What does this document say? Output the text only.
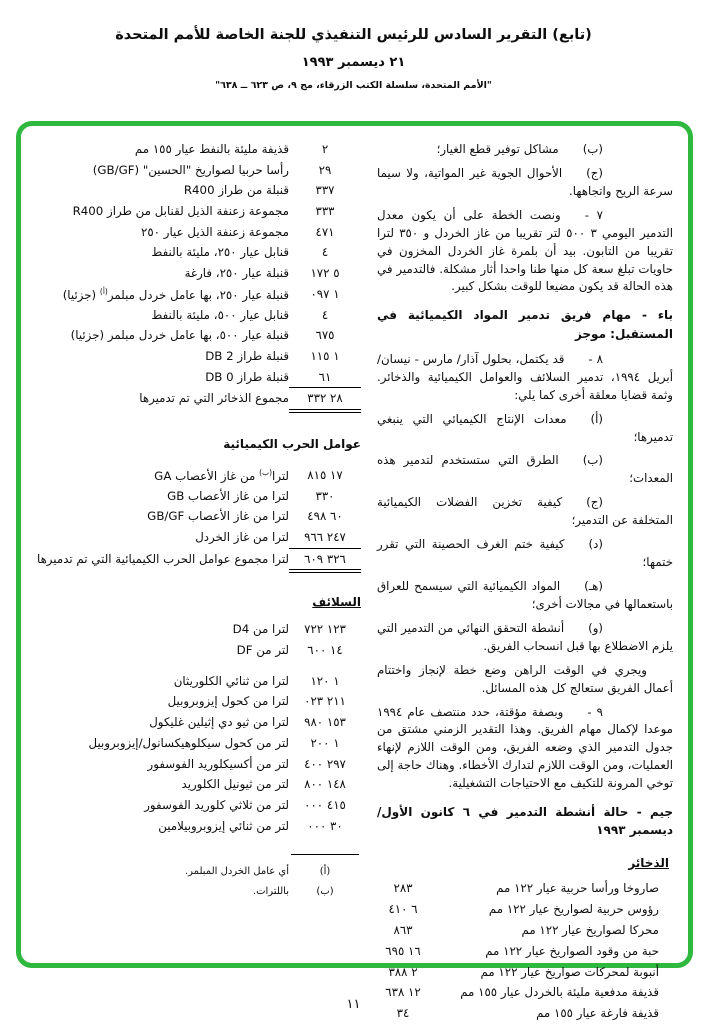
(تابع) التقرير السادس للرئيس التنفيذي للجنة الخاصة للأمم المتحدة
٢١ ديسمبر ١٩٩٣
"الأمم المتحدة، سلسلة الكتب الزرقاء، مج ٩، ص ٦٢٣ ــ ٦٣٨"

(ب)مشاكل توفير قطع الغيار؛

(ج)الأحوال الجوية غير المواتية، ولا سيما سرعة الريح واتجاهها.

٧ -ونصت الخطة على أن يكون معدل التدمير اليومي ٣ ٥٠٠ لتر تقريبا من غاز الخردل و ٣٥٠ لترا تقريبا من التابون. بيد أن بلمرة غاز الخردل المخزون في حاويات تبلغ سعة كل منها طنا واحدا أثار مشكلة. فالتدمير في هذه الحالة قد يكون مضيعا للوقت بشكل كبير.

باء - مهام فريق تدمير المواد الكيميائية في المستقبل: موجز

٨ -قد يكتمل، بحلول آذار/ مارس - نيسان/ أبريل ١٩٩٤، تدمير السلائف والعوامل الكيميائية والذخائر. وثمة قضايا معلقة أخرى كما يلي:

(أ)معدات الإنتاج الكيميائي التي ينبغي تدميرها؛

(ب)الطرق التي ستستخدم لتدمير هذه المعدات؛

(ج)كيفية تخزين الفضلات الكيميائية المتخلفة عن التدمير؛

(د)كيفية ختم الغرف الحصينة التي تقرر ختمها؛

(هـ)المواد الكيميائية التي سيسمح للعراق باستعمالها في مجالات أخرى؛

(و)أنشطة التحقق النهائي من التدمير التي يلزم الاضطلاع بها قبل انسحاب الفريق.

ويجري في الوقت الراهن وضع خطة لإنجاز واختتام أعمال الفريق ستعالج كل هذه المسائل.

٩ -وبصفة مؤقتة، حدد منتصف عام ١٩٩٤ موعدا لإكمال مهام الفريق. وهذا التقدير الزمني مشتق من جدول التدمير الذي وضعه الفريق، ومن الوقت اللازم لإنهاء العمليات، ومن الوقت اللازم لتدارك الأخطاء. وهناك حاجة إلى توخي المرونة للتكيف مع الاحتياجات التشغيلية.

جيم - حالة أنشطة التدمير في ٦ كانون الأول/ ديسمبر ١٩٩٣
الذخائر
صاروخا ورأسا حربية عيار ١٢٢ مم
٢٨٣
رؤوس حربية لصواريخ عيار ١٢٢ مم
٦ ٤١٠
محركا لصواريخ عيار ١٢٢ مم
٨٦٣
حبة من وقود الصواريخ عيار ١٢٢ مم
١٦ ٦٩٥
أنبوبة لمحركات صواريخ عيار ١٢٢ مم
٢ ٣٨٨
قذيفة مدفعية مليئة بالخردل عيار ١٥٥ مم
١٢ ٦٣٨
قذيفة فارغة عيار ١٥٥ مم
٣٤
٢
قذيفة مليئة بالنفط عيار ١٥٥ مم
٢٩
رأسا حربيا لصواريخ "الحسين" (GB/GF)
٣٣٧
قنبلة من طراز R400
٣٣٣
مجموعة زعنفة الذيل لقنابل من طراز R400
٤٧١
مجموعة زعنفة الذيل عيار ٢٥٠
٤
قنابل عيار ٢٥٠، مليئة بالنفط
٥ ١٧٢
قنبلة عيار ٢٥٠، فارغة
١ ٠٩٧
قنبلة عيار ٢٥٠، بها عامل خردل مبلمر$^{(أ)}$ (جزئيا)
٤
قنابل عيار ٥٠٠، مليئة بالنفط
٦٧٥
قنبلة عيار ٥٠٠، بها عامل خردل مبلمر (جزئيا)
١ ١١٥
قنبلة طراز DB 2
٦١
قنبلة طراز DB 0
٢٨ ٣٣٢
مجموع الذخائر التي تم تدميرها
عوامل الحرب الكيميائية
١٧ ٨١٥
لترا$^{(ب)}$ من غاز الأعصاب GA
٣٣٠
لترا من غاز الأعصاب GB
٦٠ ٤٩٨
لترا من غاز الأعصاب GB/GF
٢٤٧ ٩٦٦
لترا من غاز الخردل
٣٢٦ ٦٠٩
لترا مجموع عوامل الحرب الكيميائية التي تم تدميرها
السلائف
١٢٣ ٧٢٢
لترا من D4
١٤ ٦٠٠
لتر من DF
١ ١٢٠
لترا من ثنائي الكلوريثان
٢١١ ٠٢٣
لترا من كحول إيزوبروبيل
١٥٣ ٩٨٠
لترا من ثيو دي إثيلين غليكول
١ ٢٠٠
لتر من كحول سيكلوهيكسانول/إيزوبروبيل
٢٩٧ ٤٠٠
لتر من أكسيكلوريد الفوسفور
١٤٨ ٨٠٠
لتر من ثيونيل الكلوريد
٤١٥ ٠٠٠
لتر من ثلاثي كلوريد الفوسفور
٣٠ ٠٠٠
لتر من ثنائي إيزوبروبيلامين
(أ)
أي عامل الخردل المبلمر.
(ب)
باللترات.
١١
